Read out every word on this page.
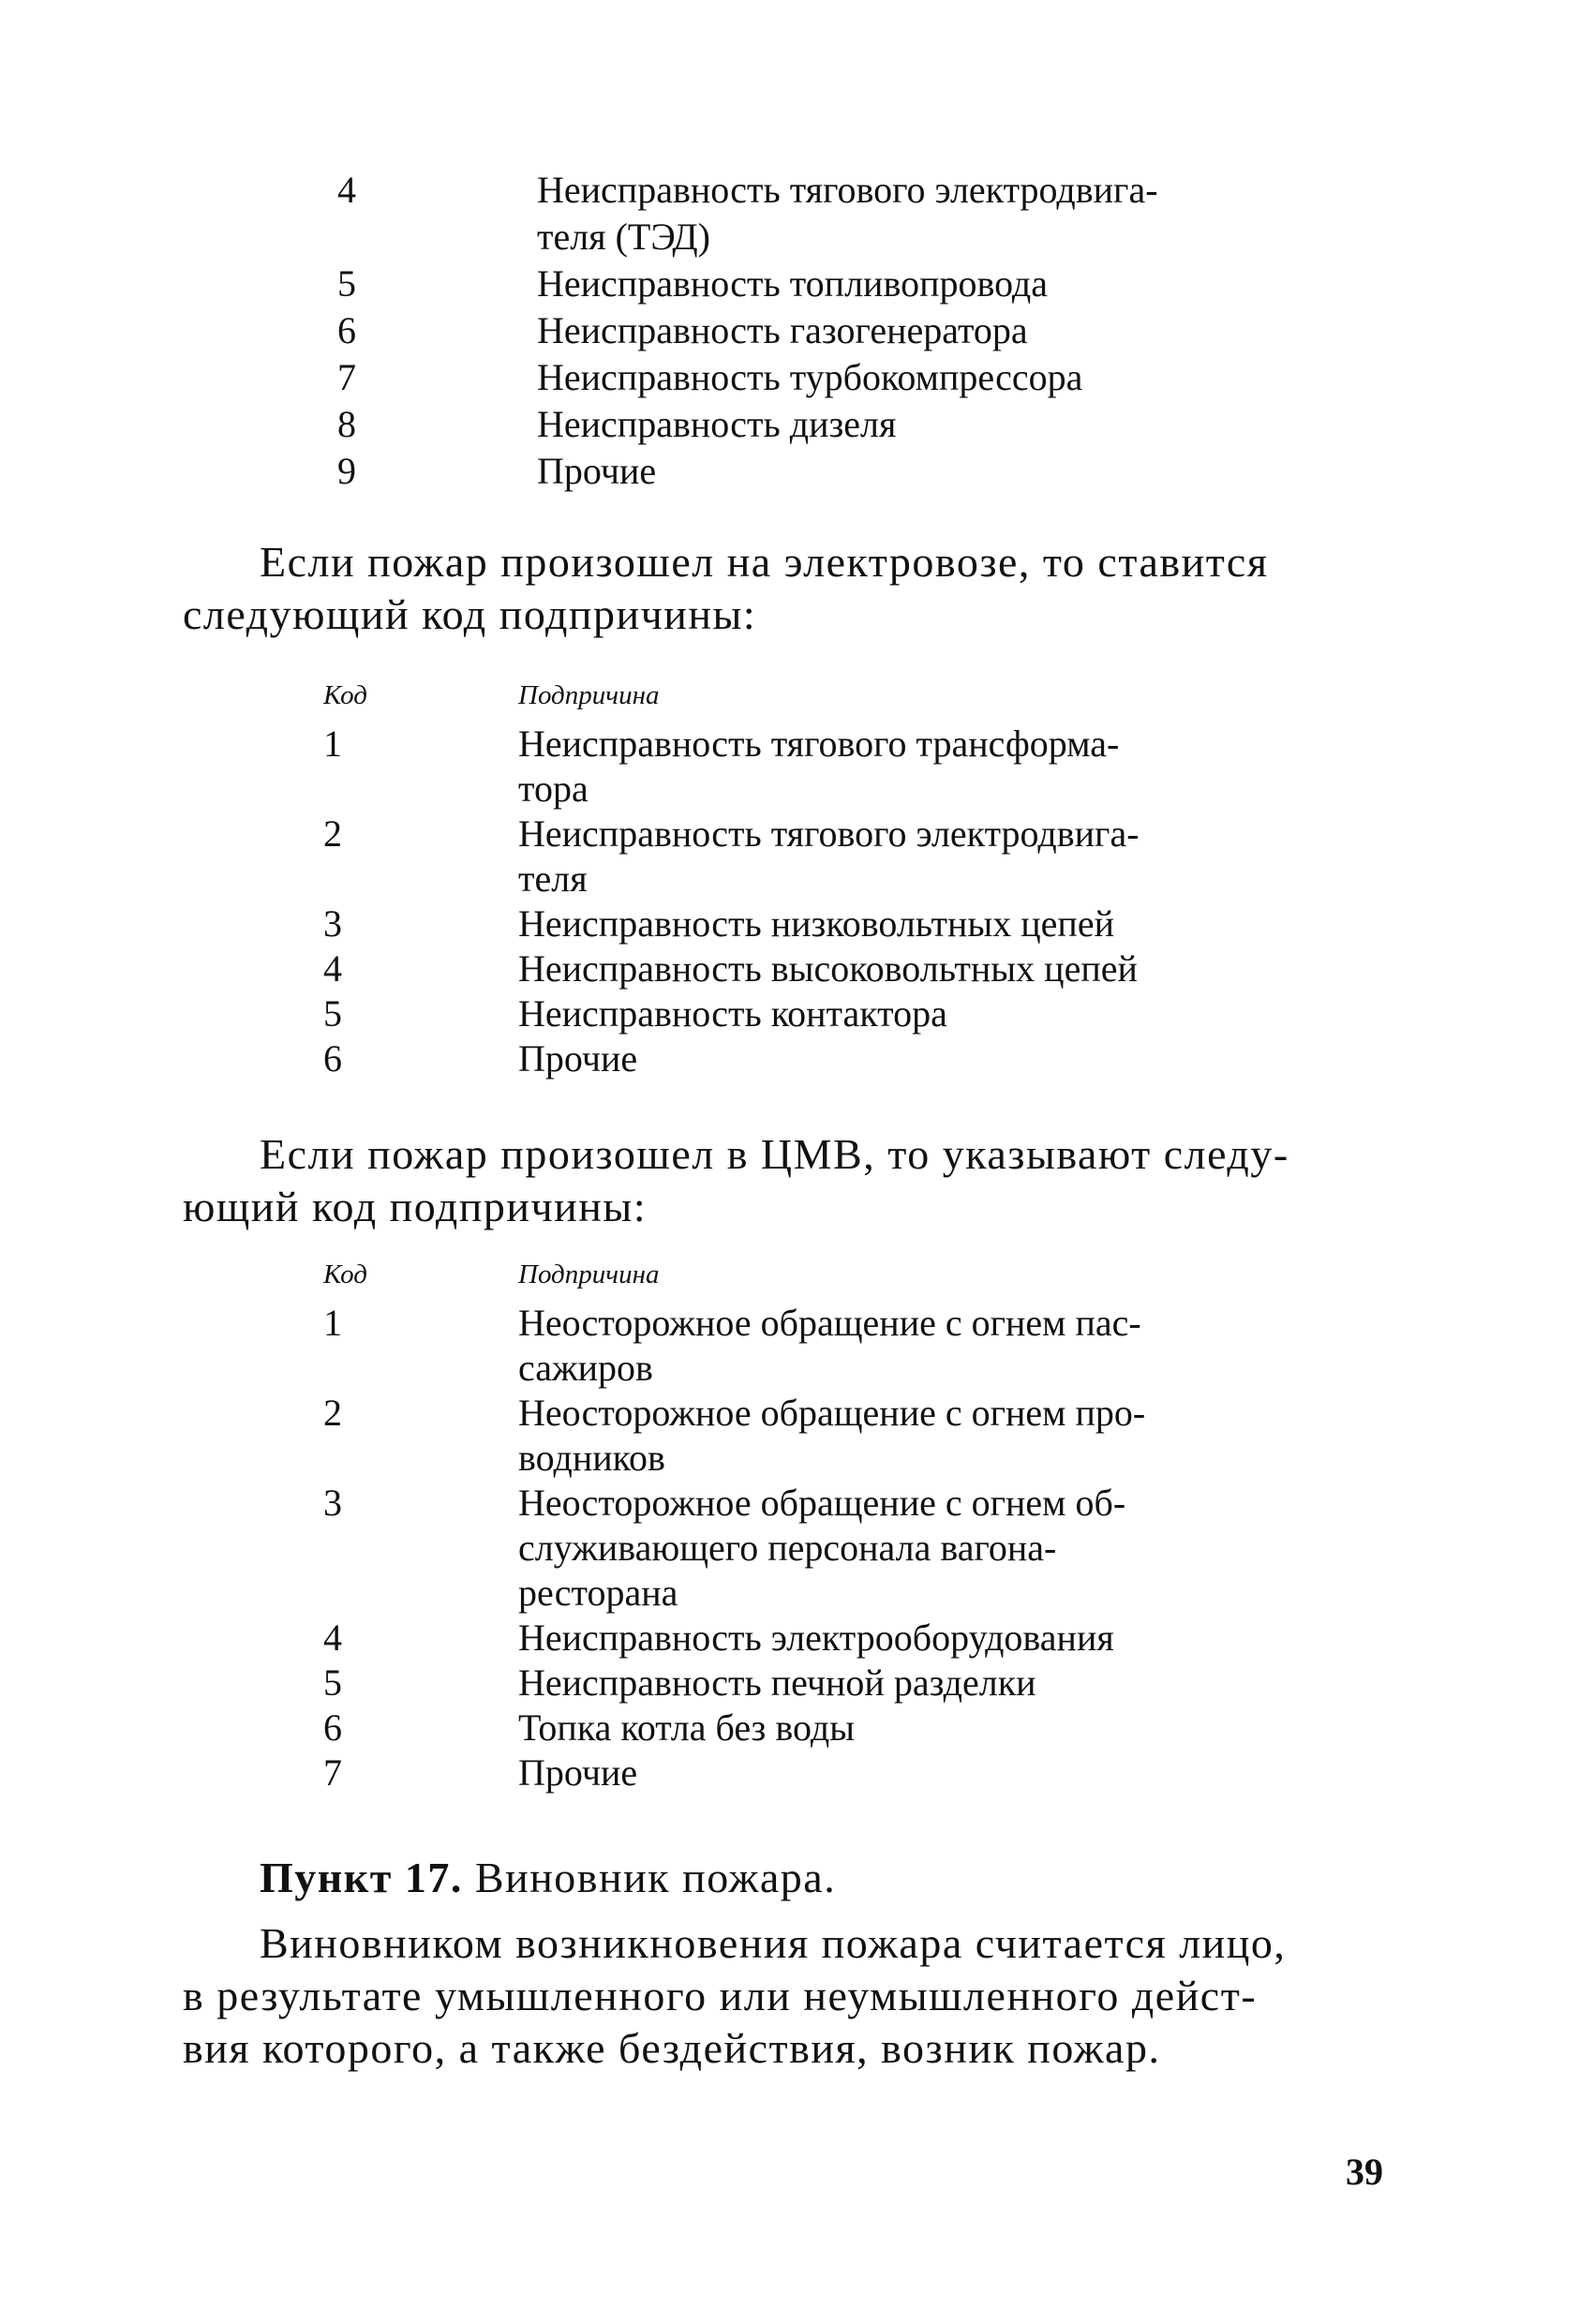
4	Неисправность тягового электродвига-
теля (ТЭД)
5	Неисправность топливопровода
6	Неисправность газогенератора
7	Неисправность турбокомпрессора
8	Неисправность дизеля
9	Прочие
Если пожар произошел на электровозе, то ставится
следующий код подпричины:
Код	Подпричина
1	Неисправность тягового трансформа-
тора
2	Неисправность тягового электродвига-
теля
3	Неисправность низковольтных цепей
4	Неисправность высоковольтных цепей
5	Неисправность контактора
6	Прочие
Если пожар произошел в ЦМВ, то указывают следу-
ющий код подпричины:
Код	Подпричина
1	Неосторожное обращение с огнем пас-
сажиров
2	Неосторожное обращение с огнем про-
водников
3	Неосторожное обращение с огнем об-
служивающего персонала вагона-
ресторана
4	Неисправность электрооборудования
5	Неисправность печной разделки
6	Топка котла без воды
7	Прочие
Пункт 17. Виновник пожара.
Виновником возникновения пожара считается лицо,
в результате умышленного или неумышленного дейст-
вия которого, а также бездействия, возник пожар.
39
